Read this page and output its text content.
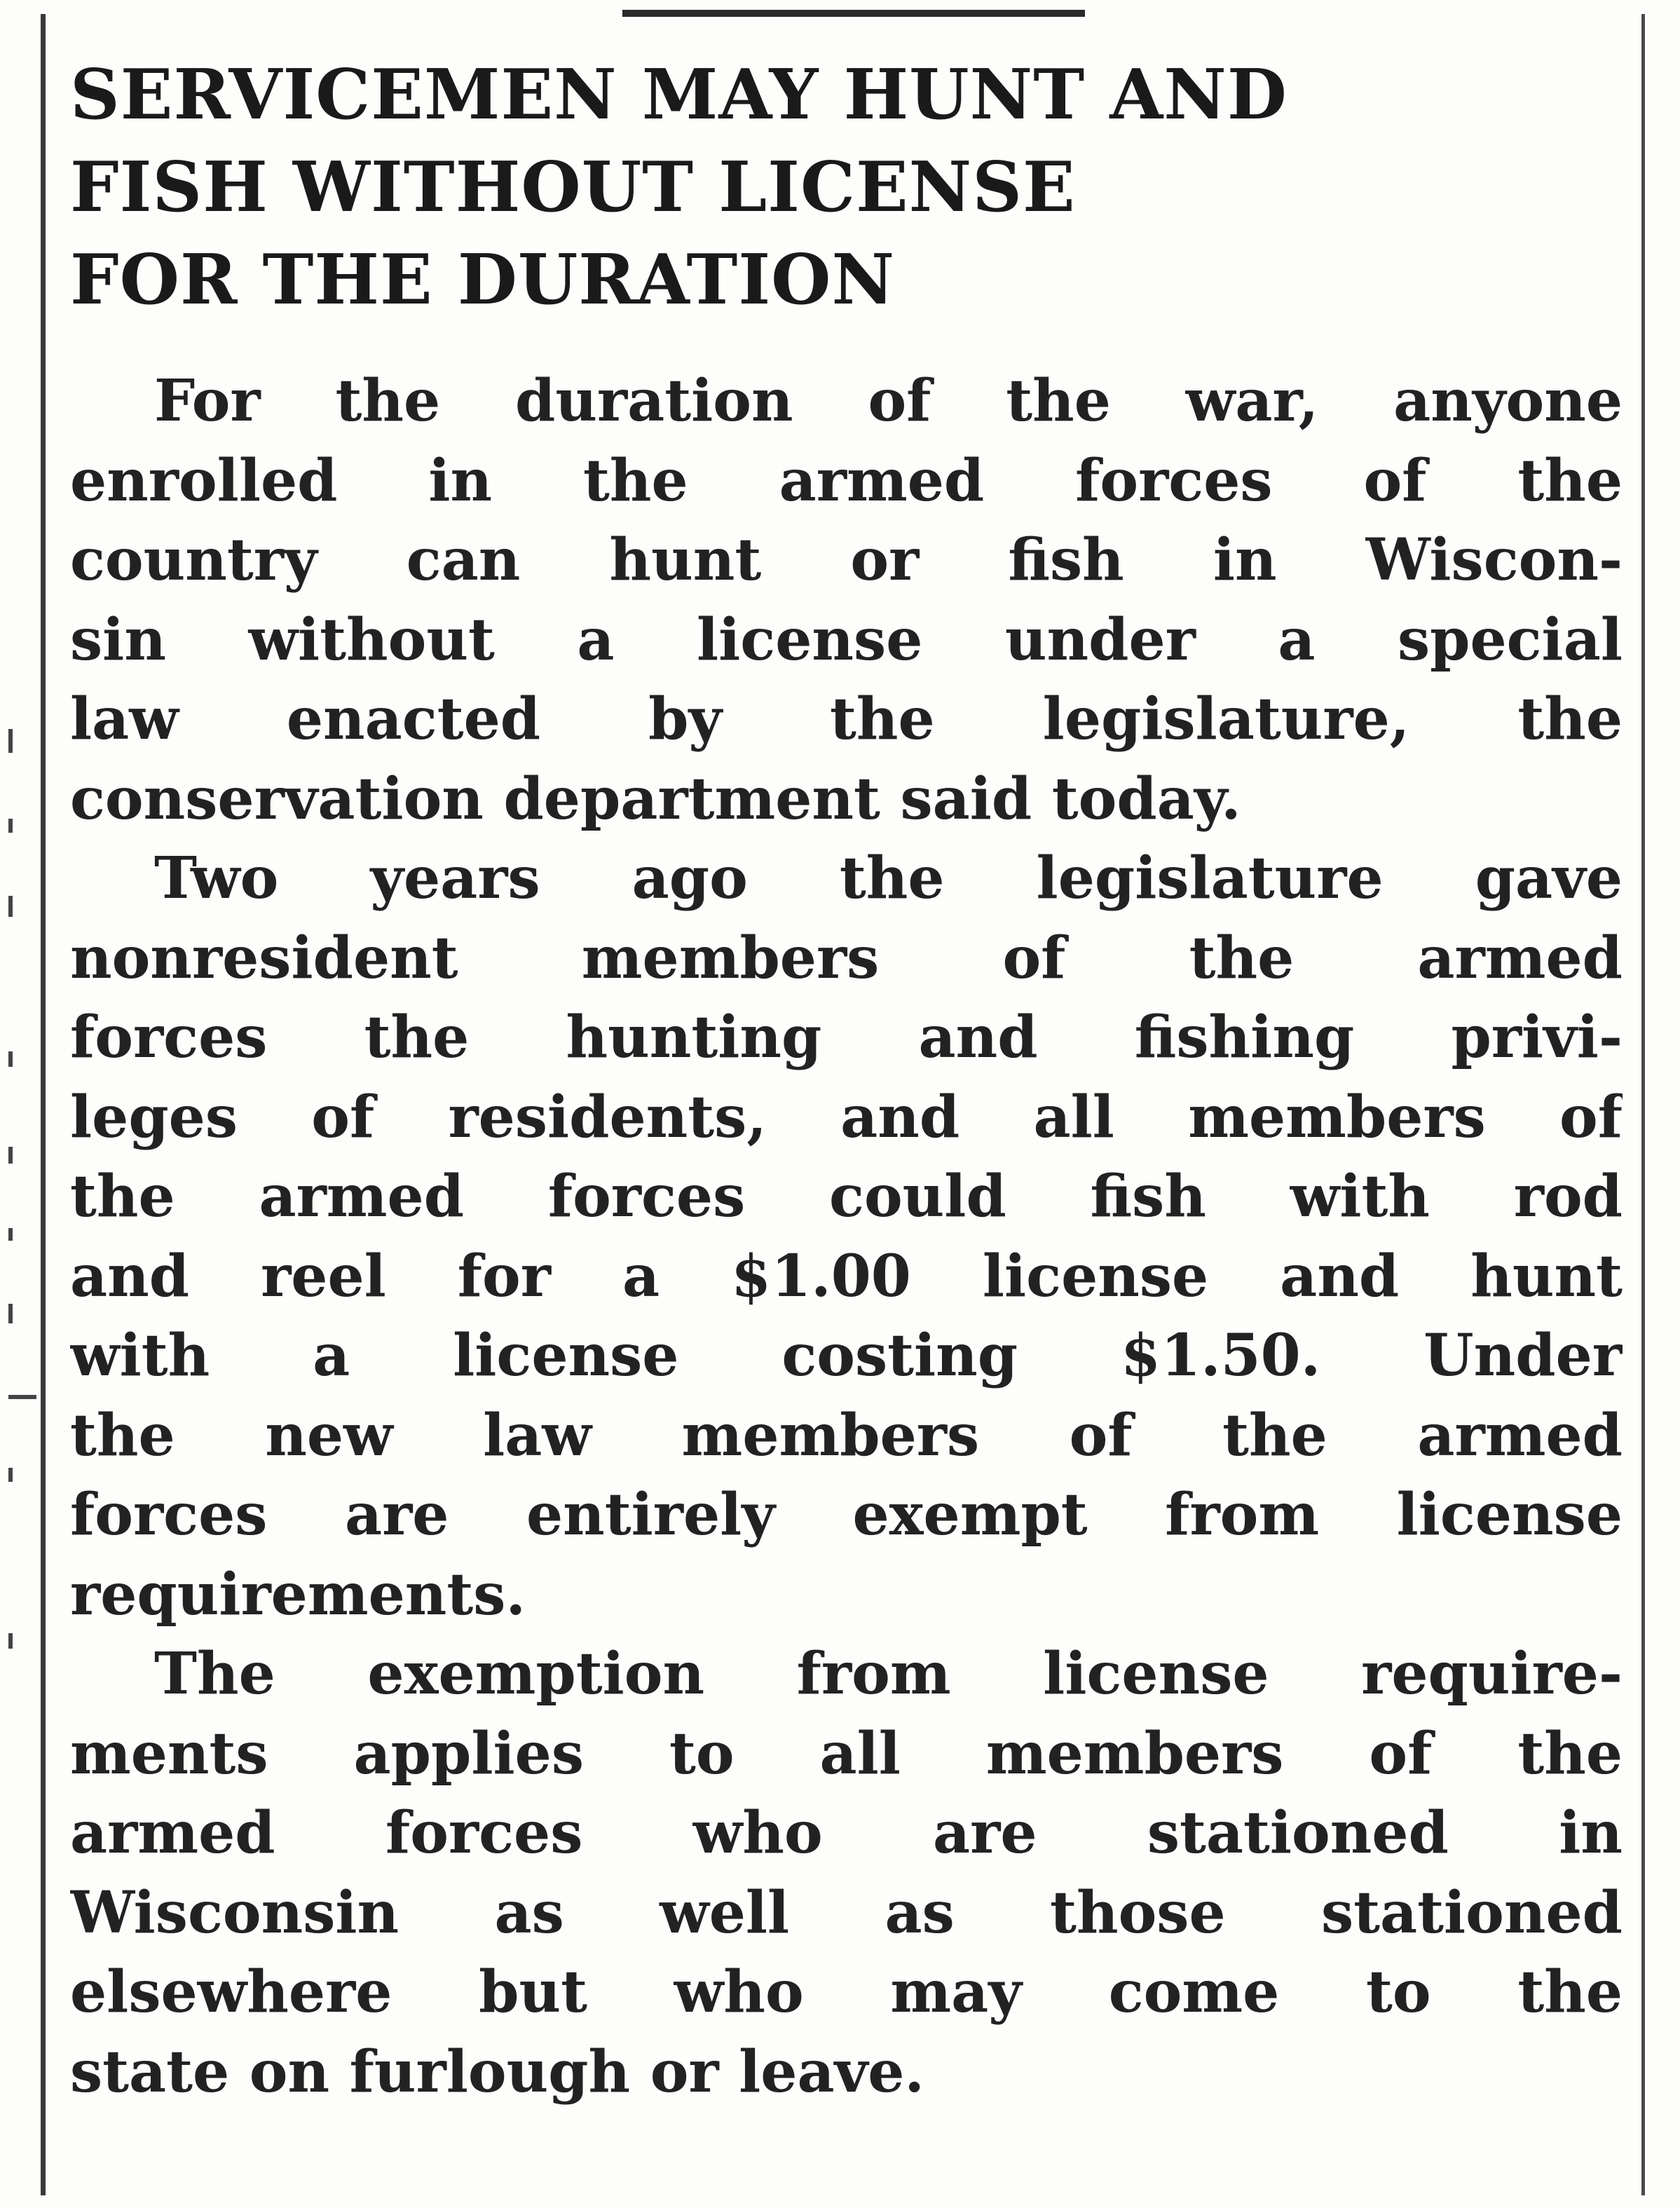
SERVICEMEN MAY HUNT AND
FISH WITHOUT LICENSE
FOR THE DURATION

For the duration of the war, anyone
enrolled in the armed forces of the
country can hunt or fish in Wiscon-
sin without a license under a special
law enacted by the legislature, the
conservation department said today.

Two years ago the legislature gave
nonresident members of the armed
forces the hunting and fishing privi-
leges of residents, and all members of
the armed forces could fish with rod
and reel for a $1.00 license and hunt
with a license costing $1.50. Under
the new law members of the armed
forces are entirely exempt from license
requirements.

The exemption from license require-
ments applies to all members of the
armed forces who are stationed in
Wisconsin as well as those stationed
elsewhere but who may come to the
state on furlough or leave.
